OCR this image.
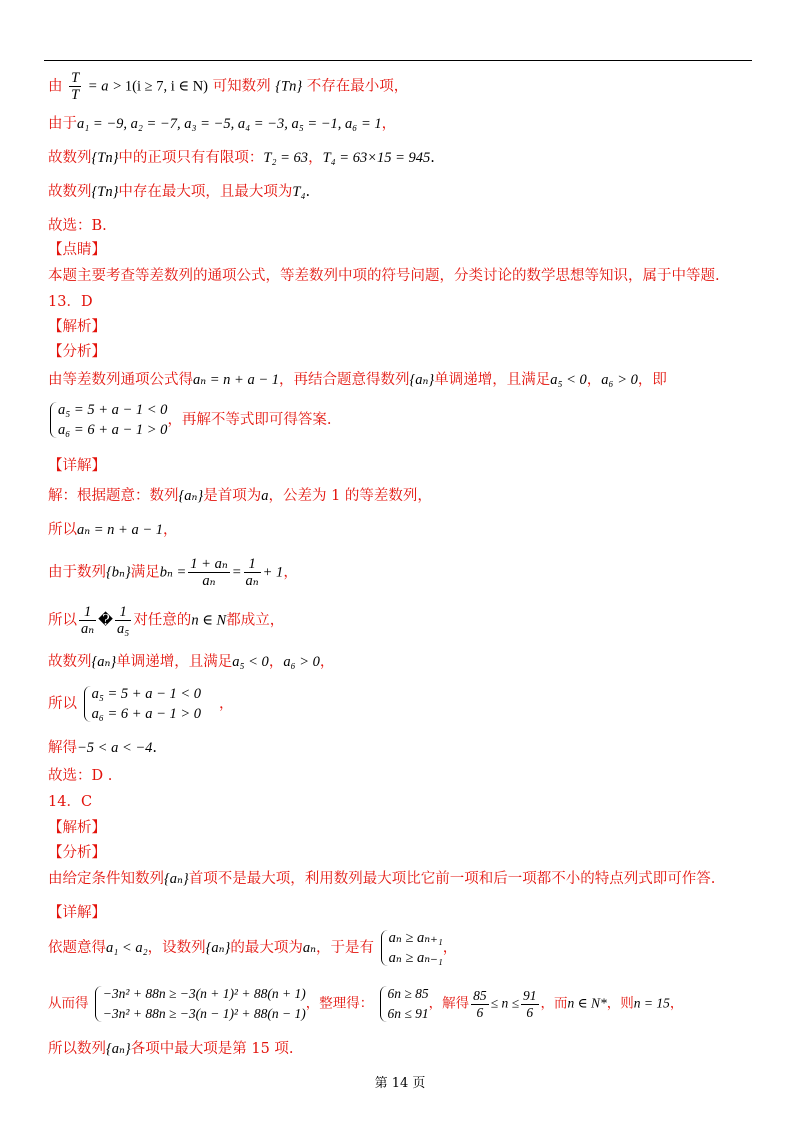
由 $\frac{T}{T} = a > 1(i \ge 7$, i ∈ N) 可知数列 {Tn} 不存在最小项，
由于a₁ = −9, a₂ = −7, a₃ = −5, a₄ = −3, a₅ = −1, a₆ = 1，
故数列{Tn}中的正项只有有限项：T₂ = 63，T₄ = 63×15 = 945.
故数列{Tn}中存在最大项，且最大项为T₄.
故选：B.
【点睛】
本题主要考查等差数列的通项公式，等差数列中项的符号问题，分类讨论的数学思想等知识，属于中等题.
13．D
【解析】
【分析】
由等差数列通项公式得aₙ = n + a − 1，再结合题意得数列{aₙ}单调递增，且满足a₅ < 0，a₆ > 0，即
a₅ = 5 + a − 1 < 0
a₆ = 6 + a − 1 > 0
，再解不等式即可得答案.
【详解】
解：根据题意：数列{aₙ}是首项为a，公差为 1 的等差数列，
所以aₙ = n + a − 1，
由于数列{bₙ}满足$b_n = \frac{\text{1 + aₙ}}{\text{aₙ}} = \frac{1}{\text{aₙ}} + 1$，
所以 $\frac{1}{\text{aₙ}}$ � $\frac{1}{\text{a₅}}$ 对任意的n ∈ N都成立，
故数列{aₙ}单调递增，且满足a₅ < 0，a₆ > 0，
所以
a₅ = 5 + a − 1 < 0
a₆ = 6 + a − 1 > 0
，
解得−5 < a < −4.
故选：D .
14．C
【解析】
【分析】
由给定条件知数列{aₙ}首项不是最大项，利用数列最大项比它前一项和后一项都不小的特点列式即可作答.
【详解】
依题意得a₁ < a₂，设数列{aₙ}的最大项为aₙ，于是有
aₙ ≥ aₙ₊₁
aₙ ≥ aₙ₋₁
，
从而得
−3n² + 88n ≥ −3(n + 1)² + 88(n + 1)
−3n² + 88n ≥ −3(n − 1)² + 88(n − 1)
，整理得：
6n ≥ 85
6n ≤ 91
，解得 $\frac{85}{6} \le n \le \frac{91}{6}$ ，而n ∈ N*，则n = 15，
所以数列{aₙ}各项中最大项是第 15 项.
第 14 页
